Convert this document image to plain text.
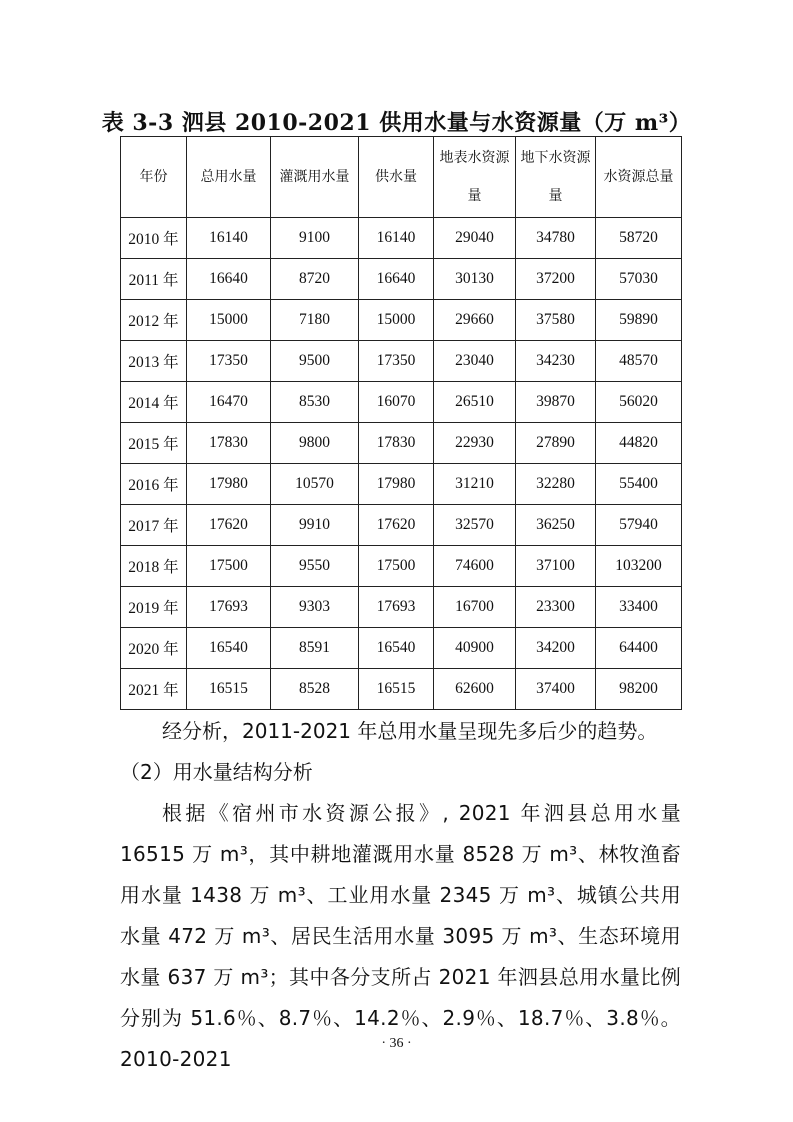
表 3-3 泗县 2010-2021 供用水量与水资源量（万 m³）
年份	总用水量	灌溉用水量	供水量	地表水资源量	地下水资源量	水资源总量
2010 年	16140	9100	16140	29040	34780	58720
2011 年	16640	8720	16640	30130	37200	57030
2012 年	15000	7180	15000	29660	37580	59890
2013 年	17350	9500	17350	23040	34230	48570
2014 年	16470	8530	16070	26510	39870	56020
2015 年	17830	9800	17830	22930	27890	44820
2016 年	17980	10570	17980	31210	32280	55400
2017 年	17620	9910	17620	32570	36250	57940
2018 年	17500	9550	17500	74600	37100	103200
2019 年	17693	9303	17693	16700	23300	33400
2020 年	16540	8591	16540	40900	34200	64400
2021 年	16515	8528	16515	62600	37400	98200
经分析，2011-2021 年总用水量呈现先多后少的趋势。
（2）用水量结构分析
根据《宿州市水资源公报》, 2021 年泗县总用水量 16515 万 m³，其中耕地灌溉用水量 8528 万 m³、林牧渔畜用水量 1438 万 m³、工业用水量 2345 万 m³、城镇公共用水量 472 万 m³、居民生活用水量 3095 万 m³、生态环境用水量 637 万 m³；其中各分支所占 2021 年泗县总用水量比例分别为 51.6％、8.7％、14.2％、2.9％、18.7％、3.8％。2010-2021
· 36 ·
